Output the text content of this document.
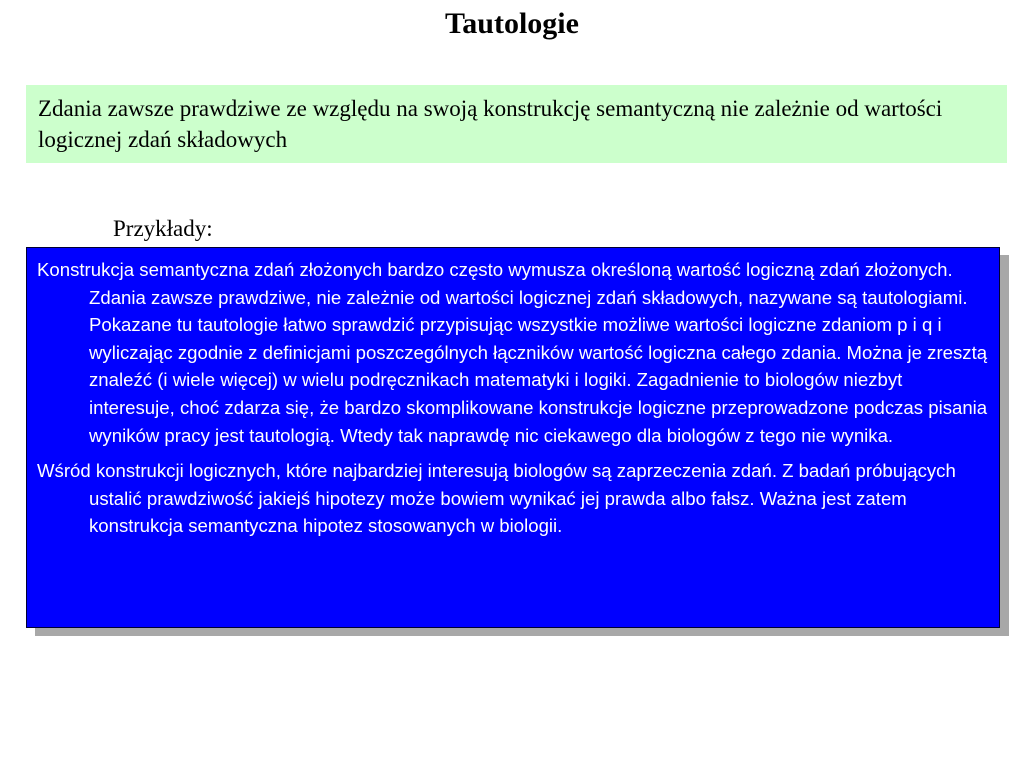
Tautologie
Zdania zawsze prawdziwe ze względu na swoją konstrukcję semantyczną nie zależnie od wartości logicznej zdań składowych
Przykłady:

Konstrukcja semantyczna zdań złożonych bardzo często wymusza określoną wartość logiczną zdań złożonych. Zdania zawsze prawdziwe, nie zależnie od wartości logicznej zdań składowych, nazywane są tautologiami. Pokazane tu tautologie łatwo sprawdzić przypisując wszystkie możliwe wartości logiczne zdaniom p i q i wyliczając zgodnie z definicjami poszczególnych łączników wartość logiczna całego zdania. Można je zresztą znaleźć (i wiele więcej) w wielu podręcznikach matematyki i logiki. Zagadnienie to biologów niezbyt interesuje, choć zdarza się, że bardzo skomplikowane konstrukcje logiczne przeprowadzone podczas pisania wyników pracy jest tautologią. Wtedy tak naprawdę nic ciekawego dla biologów z tego nie wynika.

Wśród konstrukcji logicznych, które najbardziej interesują biologów są zaprzeczenia zdań. Z badań próbujących ustalić prawdziwość jakiejś hipotezy może bowiem wynikać jej prawda albo fałsz. Ważna jest zatem konstrukcja semantyczna hipotez stosowanych w biologii.
